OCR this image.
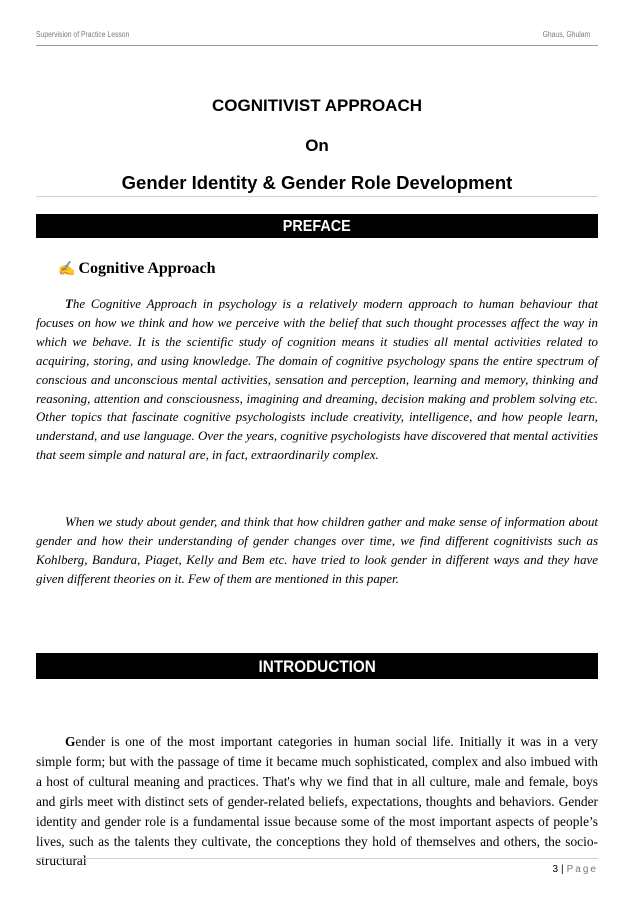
Supervision of Practice Lesson	Ghaus, Ghulam
COGNITIVIST APPROACH
On
Gender Identity & Gender Role Development
PREFACE
✍ Cognitive Approach

The Cognitive Approach in psychology is a relatively modern approach to human behaviour that focuses on how we think and how we perceive with the belief that such thought processes affect the way in which we behave. It is the scientific study of cognition means it studies all mental activities related to acquiring, storing, and using knowledge. The domain of cognitive psychology spans the entire spectrum of conscious and unconscious mental activities, sensation and perception, learning and memory, thinking and reasoning, attention and consciousness, imagining and dreaming, decision making and problem solving etc. Other topics that fascinate cognitive psychologists include creativity, intelligence, and how people learn, understand, and use language. Over the years, cognitive psychologists have discovered that mental activities that seem simple and natural are, in fact, extraordinarily complex.

When we study about gender, and think that how children gather and make sense of information about gender and how their understanding of gender changes over time, we find different cognitivists such as Kohlberg, Bandura, Piaget, Kelly and Bem etc. have tried to look gender in different ways and they have given different theories on it. Few of them are mentioned in this paper.

INTRODUCTION

Gender is one of the most important categories in human social life. Initially it was in a very simple form; but with the passage of time it became much sophisticated, complex and also imbued with a host of cultural meaning and practices. That's why we find that in all culture, male and female, boys and girls meet with distinct sets of gender-related beliefs, expectations, thoughts and behaviors. Gender identity and gender role is a fundamental issue because some of the most important aspects of people’s lives, such as the talents they cultivate, the conceptions they hold of themselves and others, the socio-structural

3 | Page
